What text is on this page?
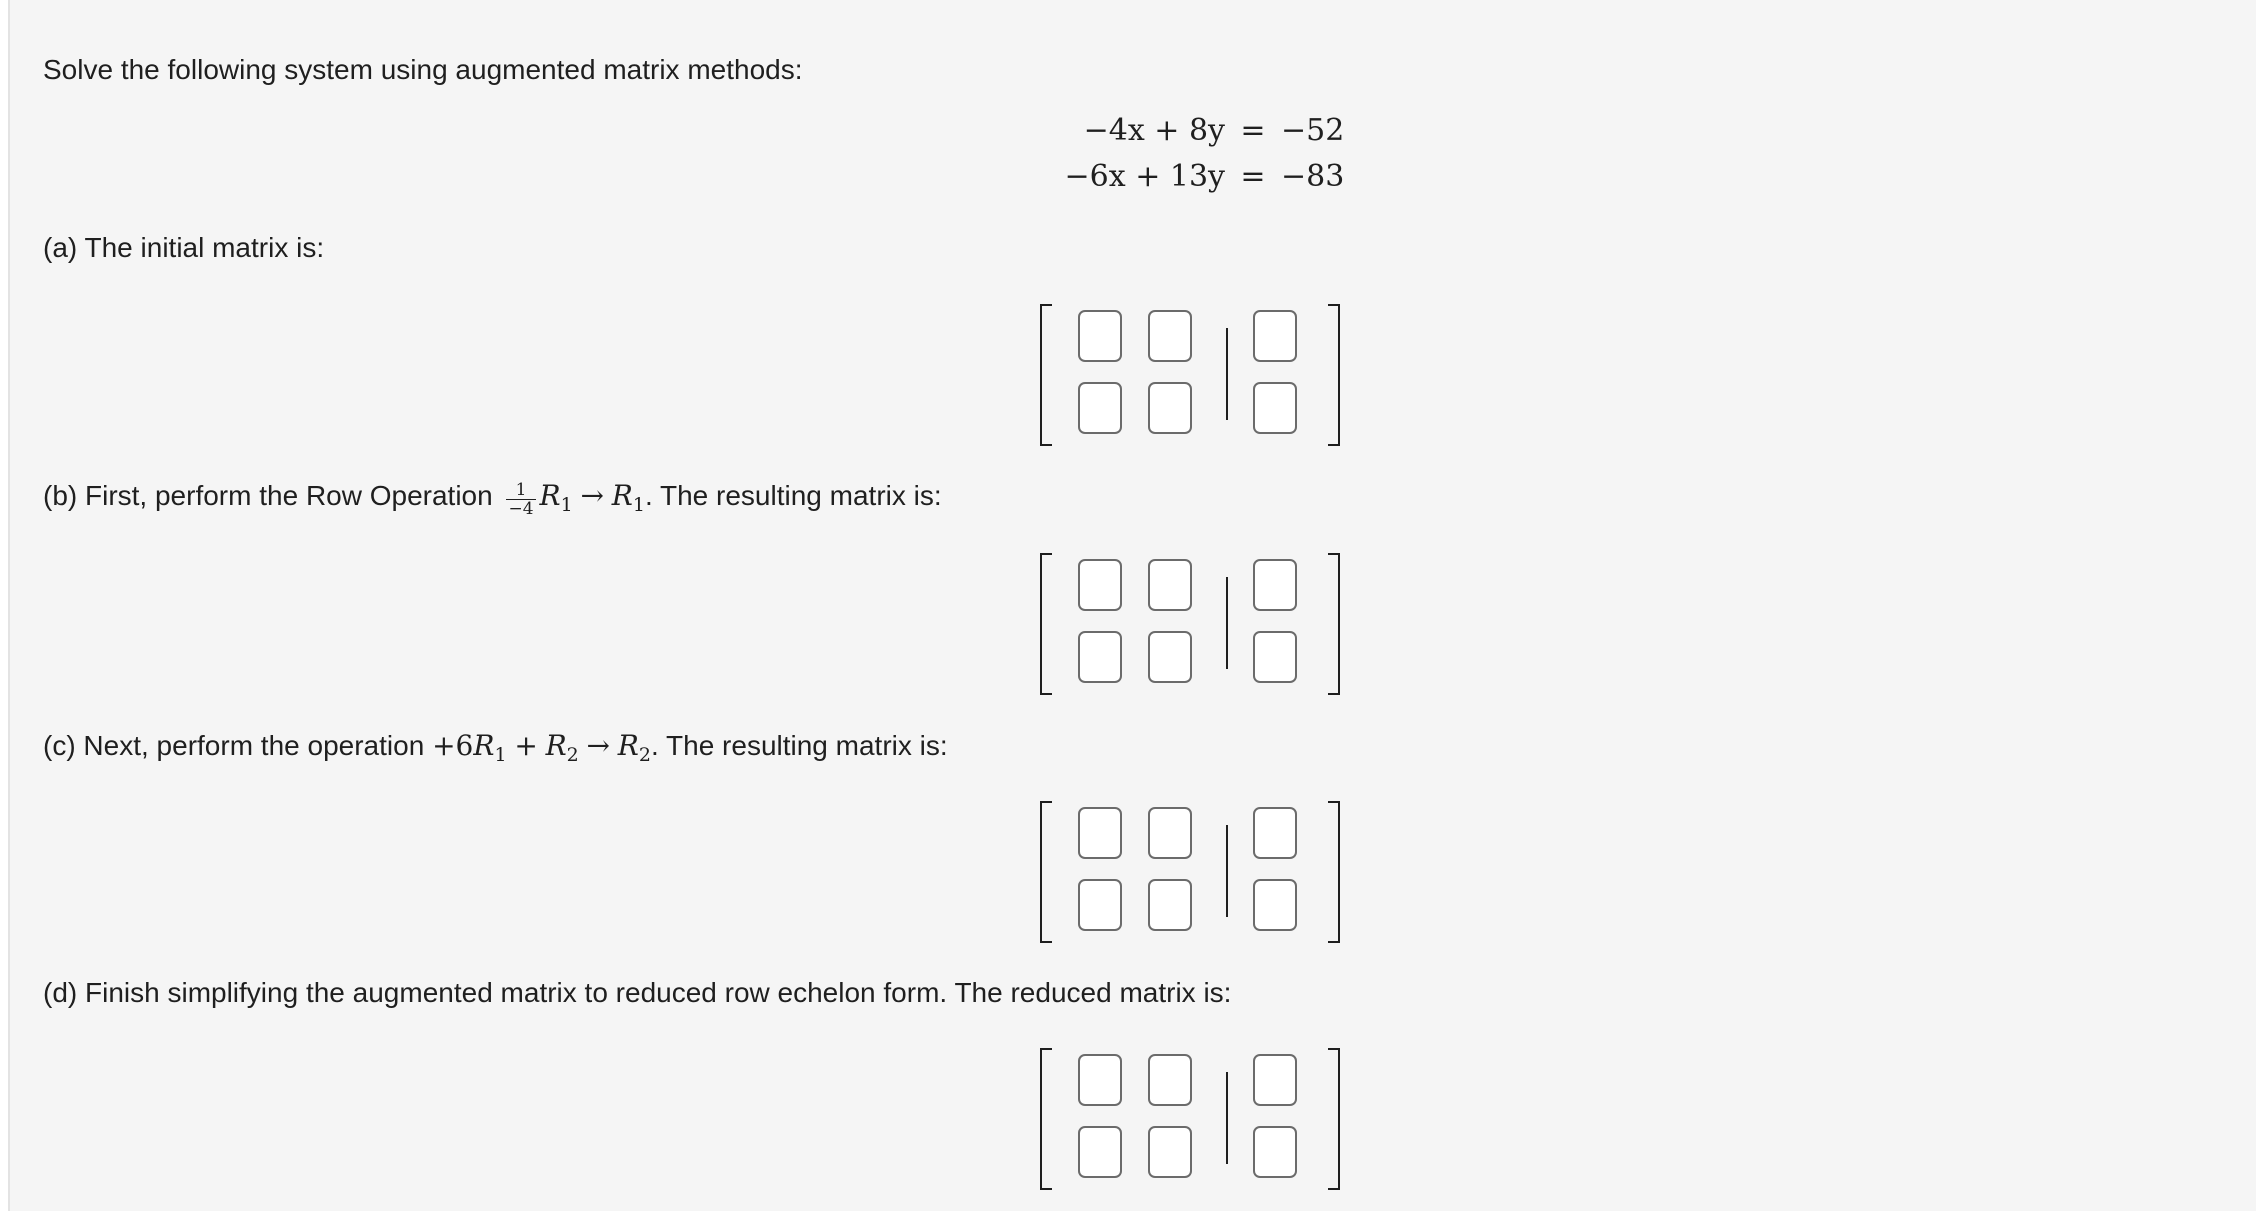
Solve the following system using augmented matrix methods:
−4x + 8y = −52
−6x + 13y = −83
(a) The initial matrix is:
(b) First, perform the Row Operation $\frac{1}{-4} R_1 \to R_1$. The resulting matrix is:
(c) Next, perform the operation $+6R_1 + R_2 \to R_2$. The resulting matrix is:
(d) Finish simplifying the augmented matrix to reduced row echelon form. The reduced matrix is:
